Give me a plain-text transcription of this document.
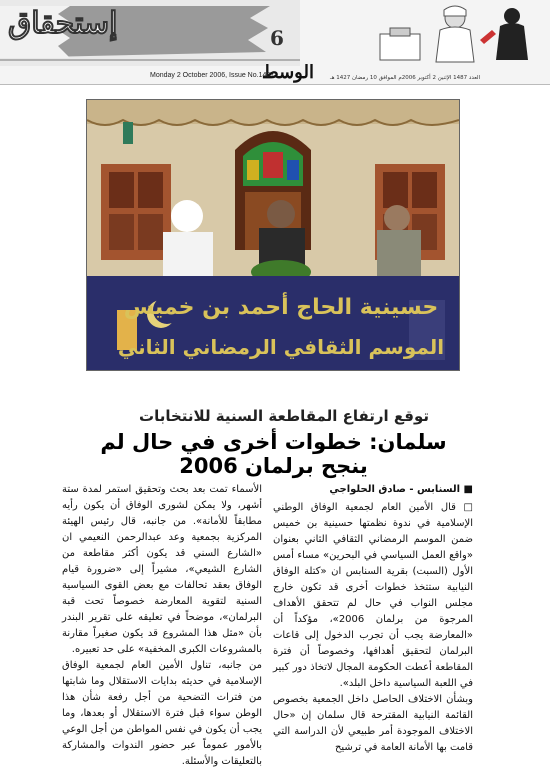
إستحقاق	6
الوسط
Monday 2 October 2006, Issue No.1487	العدد 1487 الإثنين 2 أكتوبر 2006م الموافق 10 رمضان 1427 هـ
حسينية الحاج أحمد بن خميس
الموسم الثقافي الرمضاني الثاني
توقع ارتفاع المقاطعة السنية للانتخابات
سلمان: خطوات أخرى في حال لم ينجح برلمان 2006

■ السنابس - صادق الحلواجي

□ قال الأمين العام لجمعية الوفاق الوطني الإسلامية في ندوة نظمتها حسينية بن خميس ضمن الموسم الرمضاني الثقافي الثاني بعنوان «واقع العمل السياسي في البحرين» مساء أمس الأول (السبت) بقرية السنابس ان «كتلة الوفاق النيابية ستتخذ خطوات أخرى قد تكون خارج مجلس النواب في حال لم تتحقق الأهداف المرجوة من برلمان 2006»، مؤكداً أن «المعارضة يجب أن تجرب الدخول إلى قاعات البرلمان لتحقيق أهدافها، وخصوصاً أن فترة المقاطعة أعطت الحكومة المجال لاتخاذ دور كبير في اللعبة السياسية داخل البلد».

وبشأن الاختلاف الحاصل داخل الجمعية بخصوص القائمة النيابية المقترحة قال سلمان إن «حال الاختلاف الموجودة أمر طبيعي لأن الدراسة التي قامت بها الأمانة العامة في ترشيح

الأسماء تمت بعد بحث وتحقيق استمر لمدة ستة أشهر، ولا يمكن لشورى الوفاق أن يكون رأيه مطابقاً للأمانة». من جانبه، قال رئيس الهيئة المركزية بجمعية وعد عبدالرحمن النعيمي ان «الشارع السني قد يكون أكثر مقاطعة من الشارع الشيعي»، مشيراً إلى «ضرورة قيام الوفاق بعقد تحالفات مع بعض القوى السياسية السنية لتقوية المعارضة خصوصاً تحت قبة البرلمان»، موضحاً في تعليقه على تقرير البندر بأن «مثل هذا المشروع قد يكون صغيراً مقارنة بالمشروعات الكبرى المخفية» على حد تعبيره.

من جانبه، تناول الأمين العام لجمعية الوفاق الإسلامية في حديثه بدايات الاستقلال وما شابتها من فترات التضحية من أجل رفعة شأن هذا الوطن سواء قبل فترة الاستقلال أو بعدها، وما يجب أن يكون في نفس المواطن من أجل الوعي بالأمور عموماً عبر حضور الندوات والمشاركة بالتعليقات والأسئلة.
